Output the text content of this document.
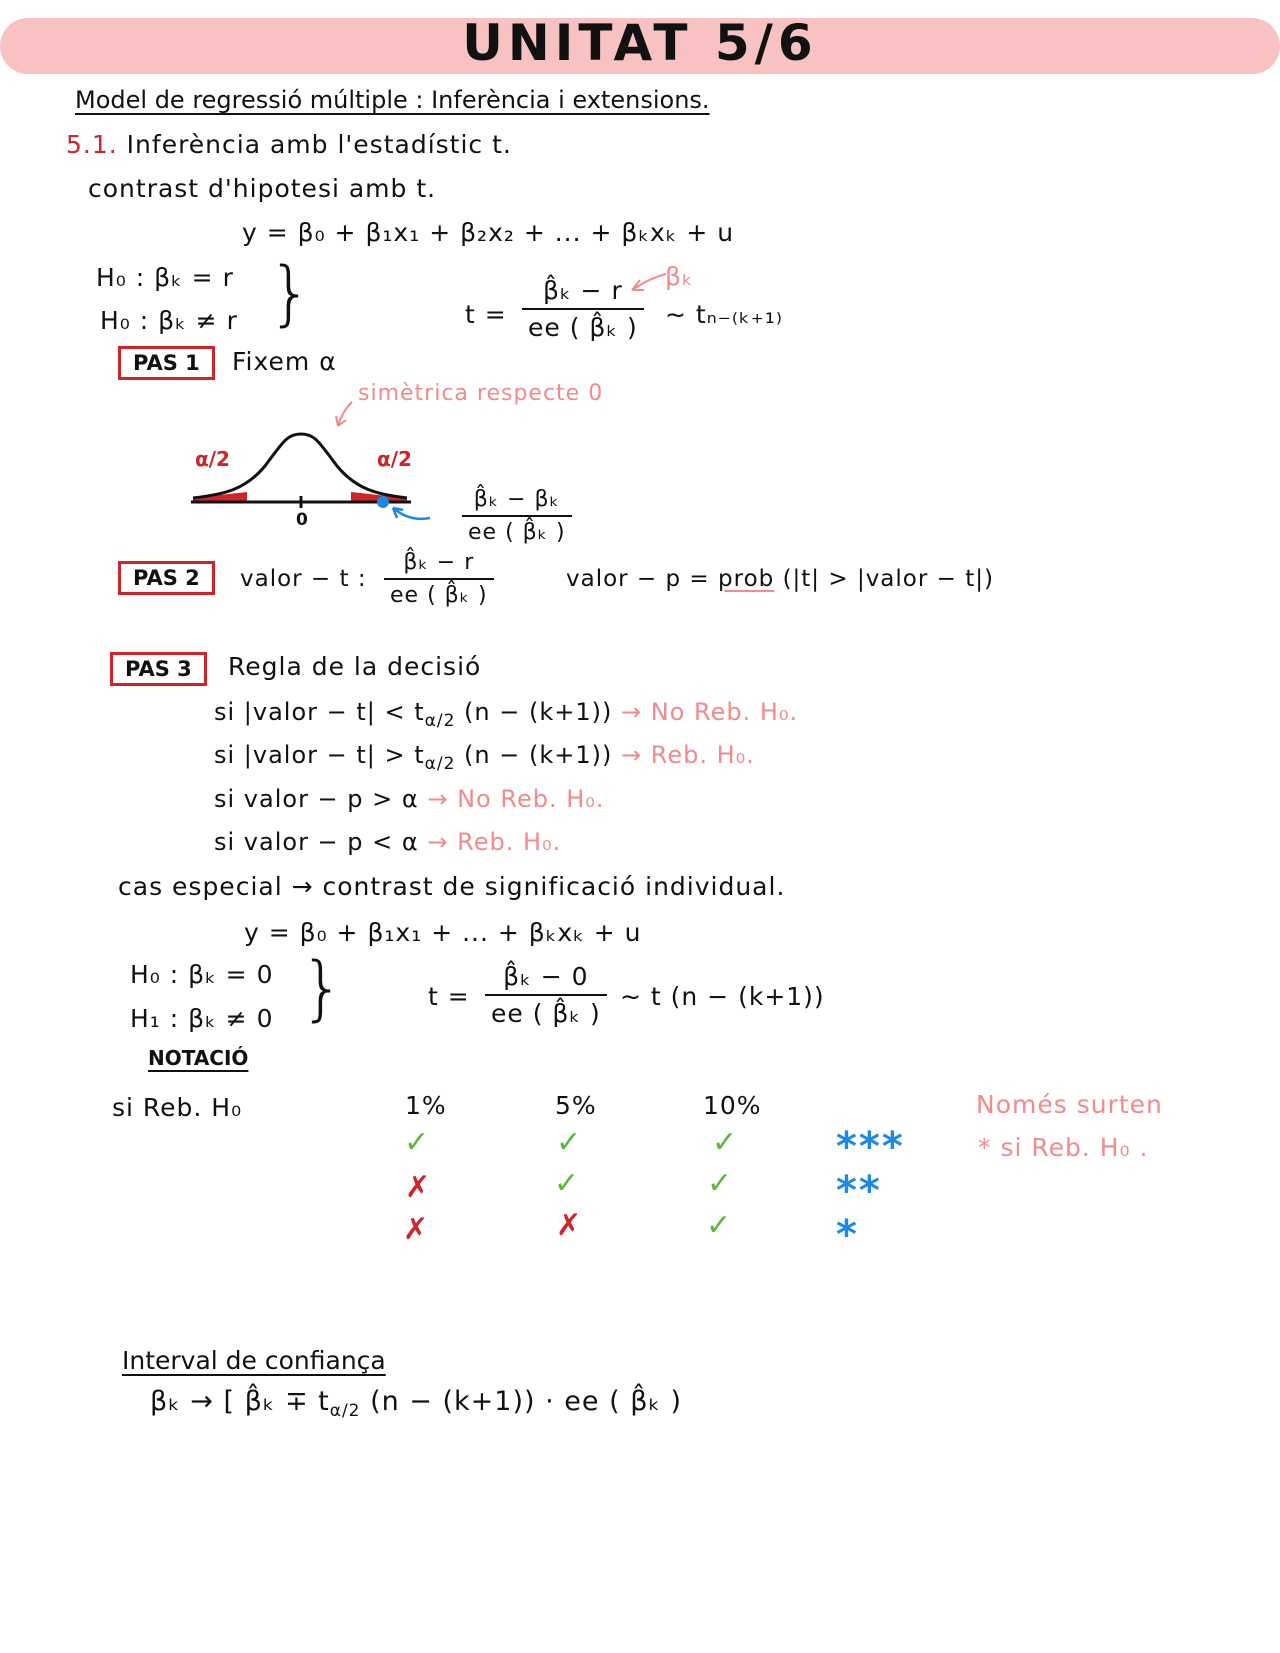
UNITAT 5/6
Model de regressió múltiple : Inferència i extensions.
5.1. Inferència amb l'estadístic t.
contrast d'hipotesi amb t.
y = β₀ + β₁x₁ + β₂x₂ + ... + βₖxₖ + u
H₀ : βₖ = r
H₀ : βₖ ≠ r }	$t = \frac{\text{β̂ₖ − r}}{\text{ee ( β̂ₖ )}}$ ∼ tₙ₋₍ₖ₊₁₎
βₖ
PAS 1	Fixem α
simètrica respecte 0
α/2	α/2
0	$\frac{\text{β̂ₖ − βₖ}}{\text{ee ( β̂ₖ )}}$
PAS 2	valor − t : $\frac{\text{β̂ₖ − r}}{\text{ee ( β̂ₖ )}}$	valor − p = prob (|t| > |valor − t|)
PAS 3	Regla de la decisió
si |valor − $t| < t_{\alpha/2}$ (n − (k+1)) → No Reb. H₀.
si |valor − $t| > t_{\alpha/2}$ (n − (k+1)) → Reb. H₀.
si valor − p > α → No Reb. H₀.
si valor − p < α → Reb. H₀.
cas especial → contrast de significació individual.
y = β₀ + β₁x₁ + ... + βₖxₖ + u
H₀ : βₖ = 0
H₁ : βₖ ≠ 0 }	$t = \frac{\text{β̂ₖ − 0}}{\text{ee ( β̂ₖ )}}$ ∼ t (n − (k+1))
NOTACIÓ
si Reb. H₀	1%	5%	10%
✓	✓	✓ ***
✗	✓	✓	**
✗	✗	✓	*
Només surten
* si Reb. H₀ .
Interval de confiança
βₖ → [ β̂ₖ ∓ $t_{\alpha/2}$ (n − (k+1)) · ee ( β̂ₖ )
